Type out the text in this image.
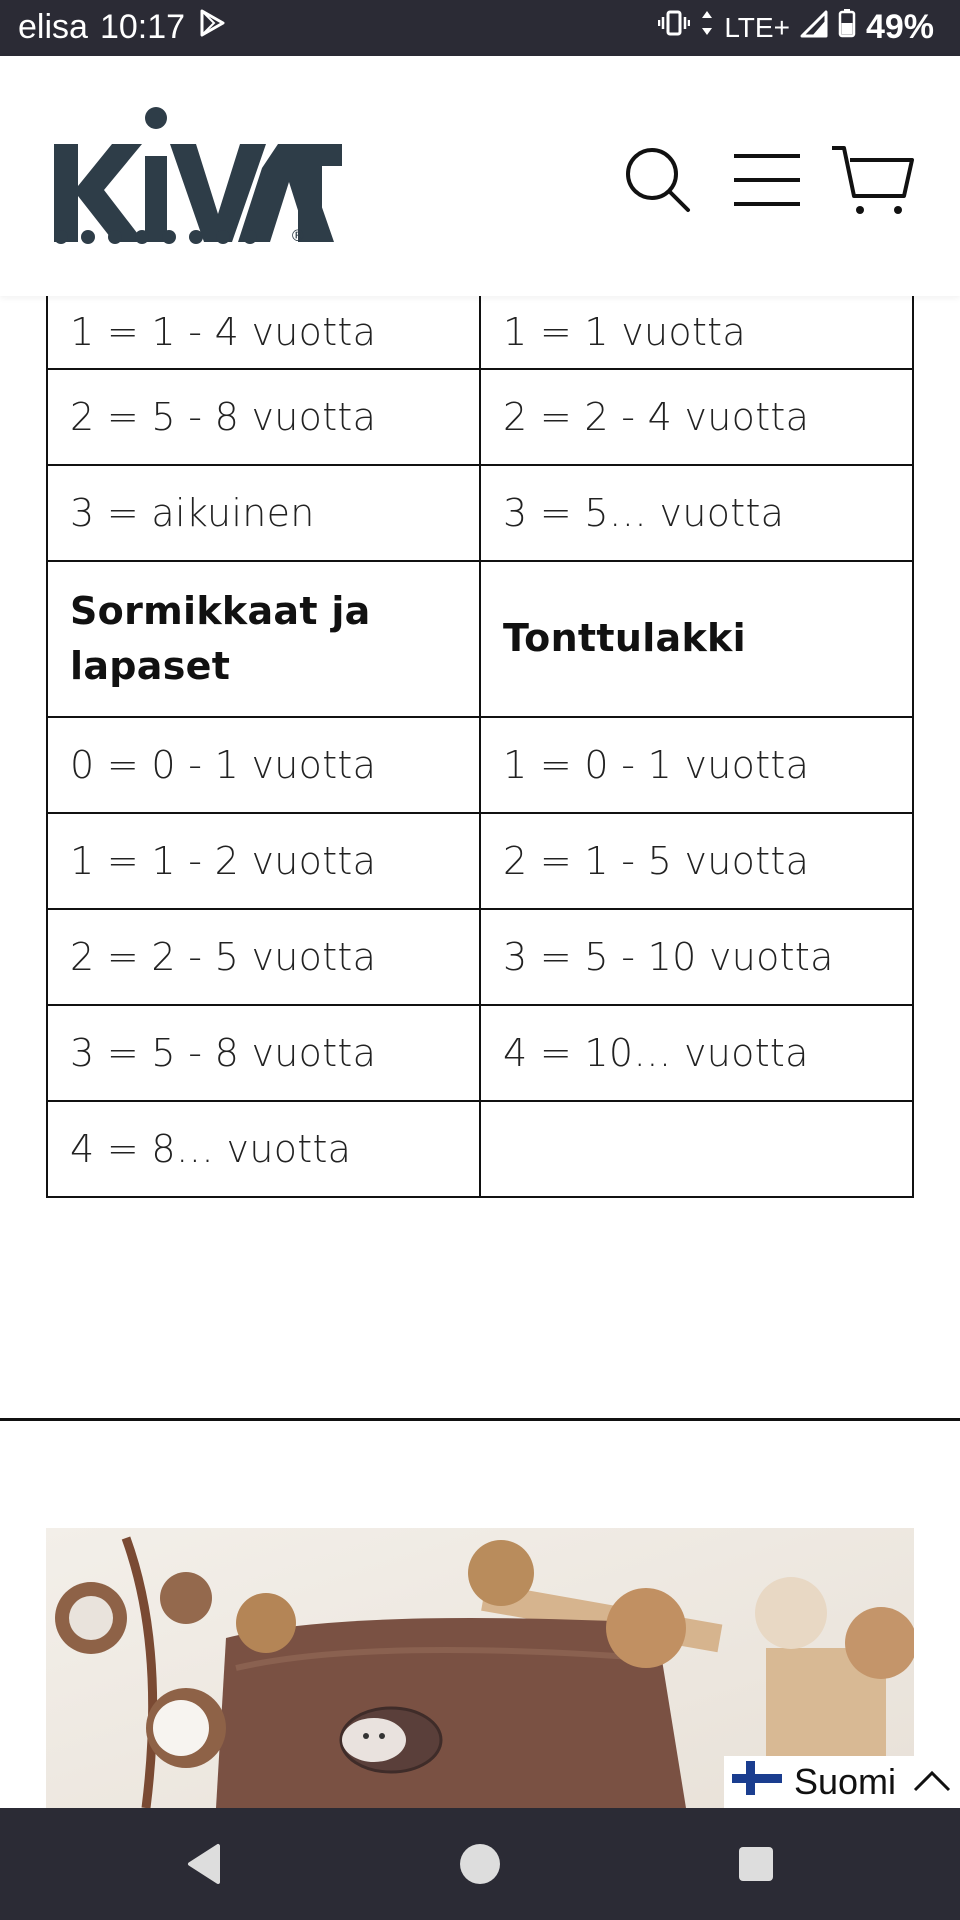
elisa 10:17	LTE+ 49%
®
1 = 1 - 4 vuotta	1 = 1 vuotta
2 = 5 - 8 vuotta	2 = 2 - 4 vuotta
3 = aikuinen	3 = 5… vuotta
Sormikkaat ja lapaset	Tonttulakki
0 = 0 - 1 vuotta	1 = 0 - 1 vuotta
1 = 1 - 2 vuotta	2 = 1 - 5 vuotta
2 = 2 - 5 vuotta	3 = 5 - 10 vuotta
3 = 5 - 8 vuotta	4 = 10… vuotta
4 = 8… vuotta	
Suomi
